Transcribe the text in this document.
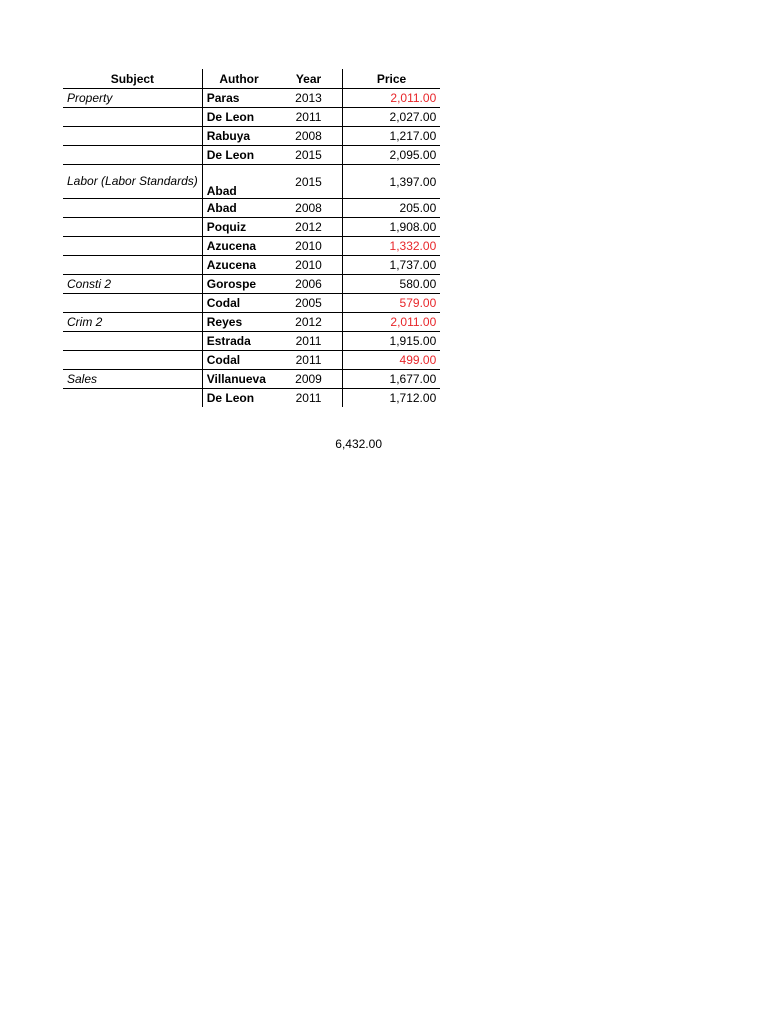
Subject	Author	Year	Price
Property	Paras	2013	2,011.00
	De Leon	2011	2,027.00
	Rabuya	2008	1,217.00
	De Leon	2015	2,095.00
Labor (Labor Standards)	Abad	2015	1,397.00
	Abad	2008	205.00
	Poquiz	2012	1,908.00
	Azucena	2010	1,332.00
	Azucena	2010	1,737.00
Consti 2	Gorospe	2006	580.00
	Codal	2005	579.00
Crim 2	Reyes	2012	2,011.00
	Estrada	2011	1,915.00
	Codal	2011	499.00
Sales	Villanueva	2009	1,677.00
	De Leon	2011	1,712.00
6,432.00
